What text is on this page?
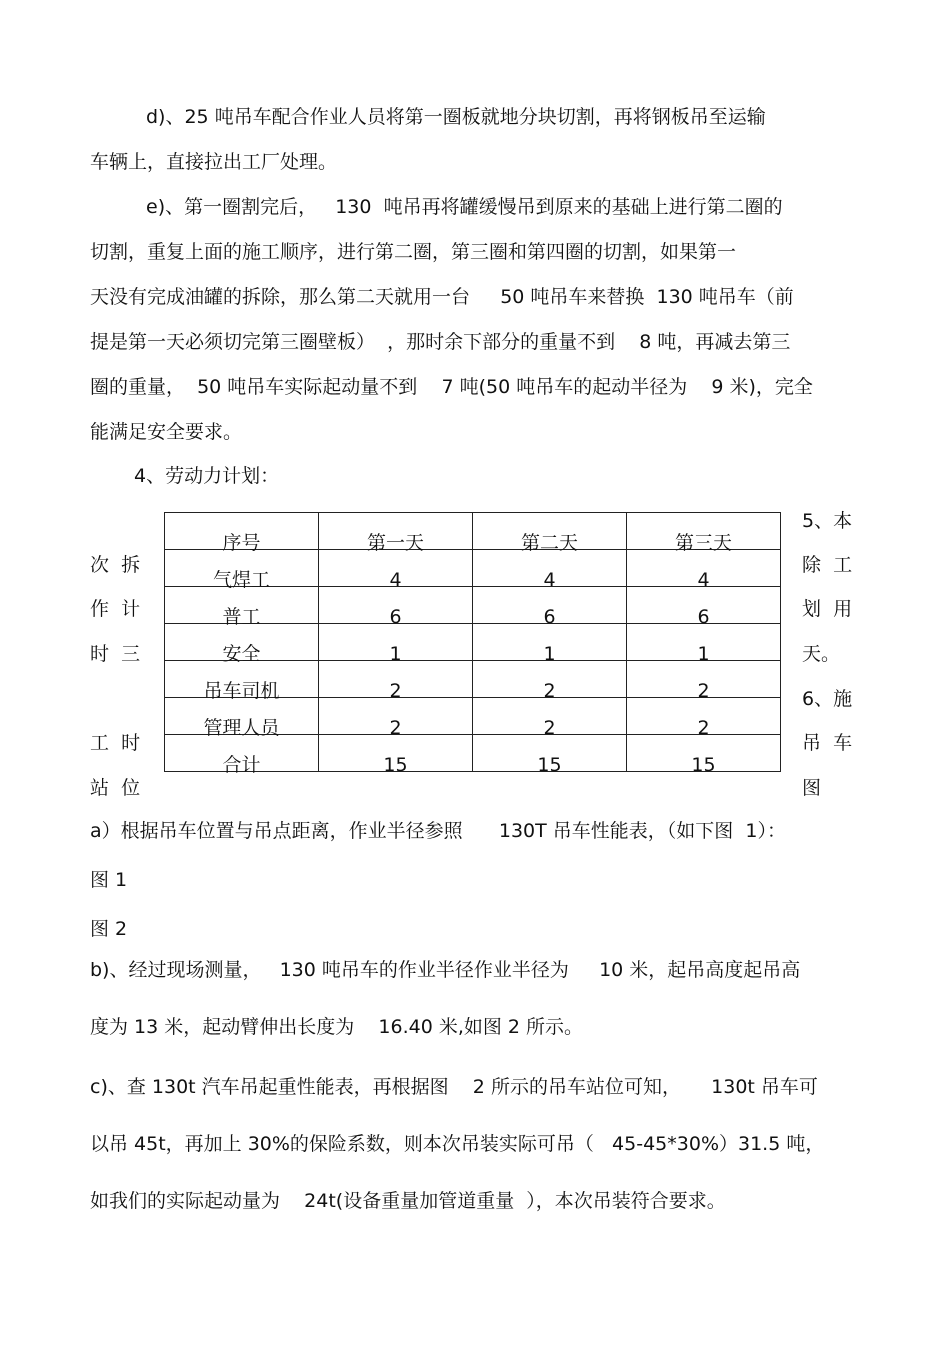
d)、25 吨吊车配合作业人员将第一圈板就地分块切割，再将钢板吊至运输
车辆上，直接拉出工厂处理。
e)、第一圈割完后，   130  吨吊再将罐缓慢吊到原来的基础上进行第二圈的
切割，重复上面的施工顺序，进行第二圈，第三圈和第四圈的切割，如果第一
天没有完成油罐的拆除，那么第二天就用一台     50 吨吊车来替换  130 吨吊车（前
提是第一天必须切完第三圈壁板）  ，那时余下部分的重量不到    8 吨，再减去第三
圈的重量，  50 吨吊车实际起动量不到    7 吨(50 吨吊车的起动半径为    9 米)，完全
能满足安全要求。
4、劳动力计划：
次  拆
作  计
时  三
工  时
站  位
5、本
除  工
划  用
天。
6、施
吊  车
图
序号	第一天	第二天	第三天
气焊工	4	4	4
普工	6	6	6
安全	1	1	1
吊车司机	2	2	2
管理人员	2	2	2
合计	15	15	15
a）根据吊车位置与吊点距离，作业半径参照      130T 吊车性能表，（如下图  1）：
图 1
图 2
b)、经过现场测量，   130 吨吊车的作业半径作业半径为     10 米，起吊高度起吊高
度为 13 米，起动臂伸出长度为    16.40 米,如图 2 所示。
c)、查 130t 汽车吊起重性能表，再根据图    2 所示的吊车站位可知，     130t 吊车可
以吊 45t，再加上 30%的保险系数，则本次吊装实际可吊（   45-45*30%）31.5 吨，
如我们的实际起动量为    24t(设备重量加管道重量  ），本次吊装符合要求。
